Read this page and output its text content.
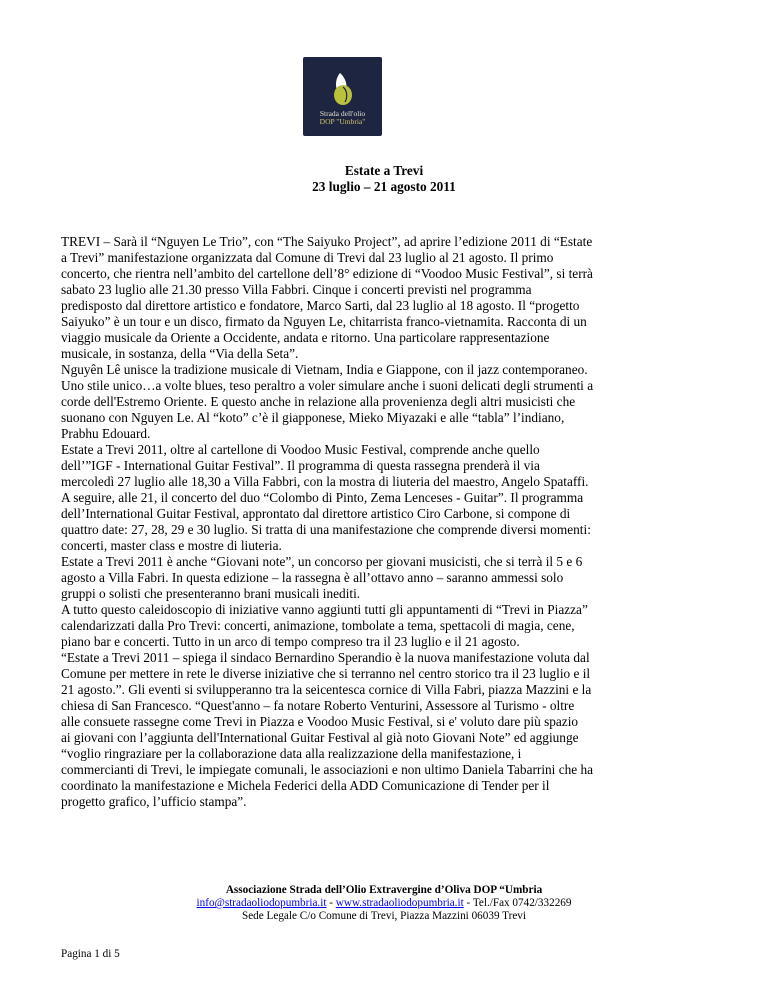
Strada dell'olio
DOP "Umbria"
Estate a Trevi
23 luglio – 21 agosto 2011
TREVI – Sarà il “Nguyen Le Trio”, con “The Saiyuko Project”, ad aprire l’edizione 2011 di “Estate
a Trevi” manifestazione organizzata dal Comune di Trevi dal 23 luglio al 21 agosto. Il primo
concerto, che rientra nell’ambito del cartellone dell’8° edizione di “Voodoo Music Festival”, si terrà
sabato 23 luglio alle 21.30 presso Villa Fabbri. Cinque i concerti previsti nel programma
predisposto dal direttore artistico e fondatore, Marco Sarti, dal 23 luglio al 18 agosto. Il “progetto
Saiyuko” è un tour e un disco, firmato da Nguyen Le, chitarrista franco-vietnamita. Racconta di un
viaggio musicale da Oriente a Occidente, andata e ritorno. Una particolare rappresentazione
musicale, in sostanza, della “Via della Seta”.
Nguyên Lê unisce la tradizione musicale di Vietnam, India e Giappone, con il jazz contemporaneo.
Uno stile unico…a volte blues, teso peraltro a voler simulare anche i suoni delicati degli strumenti a
corde dell'Estremo Oriente. E questo anche in relazione alla provenienza degli altri musicisti che
suonano con Nguyen Le. Al “koto” c’è il giapponese, Mieko Miyazaki e alle “tabla” l’indiano,
Prabhu Edouard.
Estate a Trevi 2011, oltre al cartellone di Voodoo Music Festival, comprende anche quello
dell’”IGF - International Guitar Festival”. Il programma di questa rassegna prenderà il via
mercoledì 27 luglio alle 18,30 a Villa Fabbri, con la mostra di liuteria del maestro, Angelo Spataffi.
A seguire, alle 21, il concerto del duo “Colombo di Pinto, Zema Lenceses - Guitar”. Il programma
dell’International Guitar Festival, approntato dal direttore artistico Ciro Carbone, si compone di
quattro date: 27, 28, 29 e 30 luglio. Si tratta di una manifestazione che comprende diversi momenti:
concerti, master class e mostre di liuteria.
Estate a Trevi 2011 è anche “Giovani note”, un concorso per giovani musicisti, che si terrà il 5 e 6
agosto a Villa Fabri. In questa edizione – la rassegna è all’ottavo anno – saranno ammessi solo
gruppi o solisti che presenteranno brani musicali inediti.
A tutto questo caleidoscopio di iniziative vanno aggiunti tutti gli appuntamenti di “Trevi in Piazza”
calendarizzati dalla Pro Trevi: concerti, animazione, tombolate a tema, spettacoli di magia, cene,
piano bar e concerti. Tutto in un arco di tempo compreso tra il 23 luglio e il 21 agosto.
“Estate a Trevi 2011 – spiega il sindaco Bernardino Sperandio è la nuova manifestazione voluta dal
Comune per mettere in rete le diverse iniziative che si terranno nel centro storico tra il 23 luglio e il
21 agosto.”. Gli eventi si svilupperanno tra la seicentesca cornice di Villa Fabri, piazza Mazzini e la
chiesa di San Francesco. “Quest'anno – fa notare Roberto Venturini, Assessore al Turismo - oltre
alle consuete rassegne come Trevi in Piazza e Voodoo Music Festival, si e' voluto dare più spazio
ai giovani con l’aggiunta dell'International Guitar Festival al già noto Giovani Note” ed aggiunge
“voglio ringraziare per la collaborazione data alla realizzazione della manifestazione, i
commercianti di Trevi, le impiegate comunali, le associazioni e non ultimo Daniela Tabarrini che ha
coordinato la manifestazione e Michela Federici della ADD Comunicazione di Tender per il
progetto grafico, l’ufficio stampa”.
Associazione Strada dell’Olio Extravergine d’Oliva DOP “Umbria
info@stradaoliodopumbria.it - www.stradaoliodopumbria.it - Tel./Fax 0742/332269
Sede Legale C/o Comune di Trevi, Piazza Mazzini 06039 Trevi
Pagina 1 di 5
